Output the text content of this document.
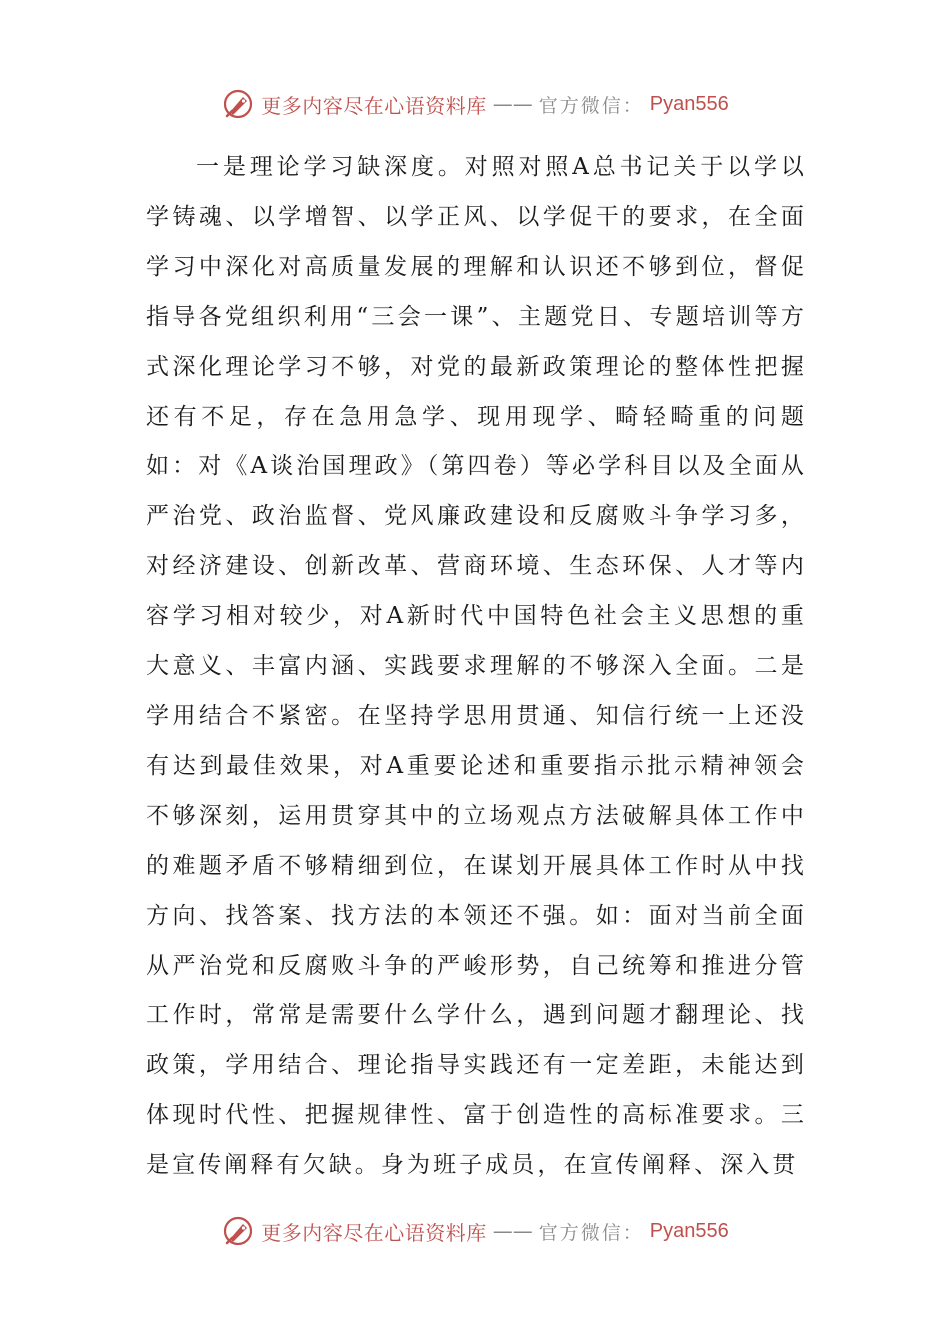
更多内容尽在心语资料库 —— 官方微信： Pyan556

一是理论学习缺深度。对照对照A总书记关于以学以学铸魂、以学增智、以学正风、以学促干的要求，在全面学习中深化对高质量发展的理解和认识还不够到位，督促指导各党组织利用“三会一课”、主题党日、专题培训等方式深化理论学习不够，对党的最新政策理论的整体性把握还有不足，存在急用急学、现用现学、畸轻畸重的问题如：对《A谈治国理政》（第四卷）等必学科目以及全面从严治党、政治监督、党风廉政建设和反腐败斗争学习多，对经济建设、创新改革、营商环境、生态环保、人才等内容学习相对较少，对A新时代中国特色社会主义思想的重大意义、丰富内涵、实践要求理解的不够深入全面。二是学用结合不紧密。在坚持学思用贯通、知信行统一上还没有达到最佳效果，对A重要论述和重要指示批示精神领会不够深刻，运用贯穿其中的立场观点方法破解具体工作中的难题矛盾不够精细到位，在谋划开展具体工作时从中找方向、找答案、找方法的本领还不强。如：面对当前全面从严治党和反腐败斗争的严峻形势，自己统筹和推进分管工作时，常常是需要什么学什么，遇到问题才翻理论、找政策，学用结合、理论指导实践还有一定差距，未能达到体现时代性、把握规律性、富于创造性的高标准要求。三是宣传阐释有欠缺。身为班子成员，在宣传阐释、深入贯

更多内容尽在心语资料库 —— 官方微信： Pyan556
